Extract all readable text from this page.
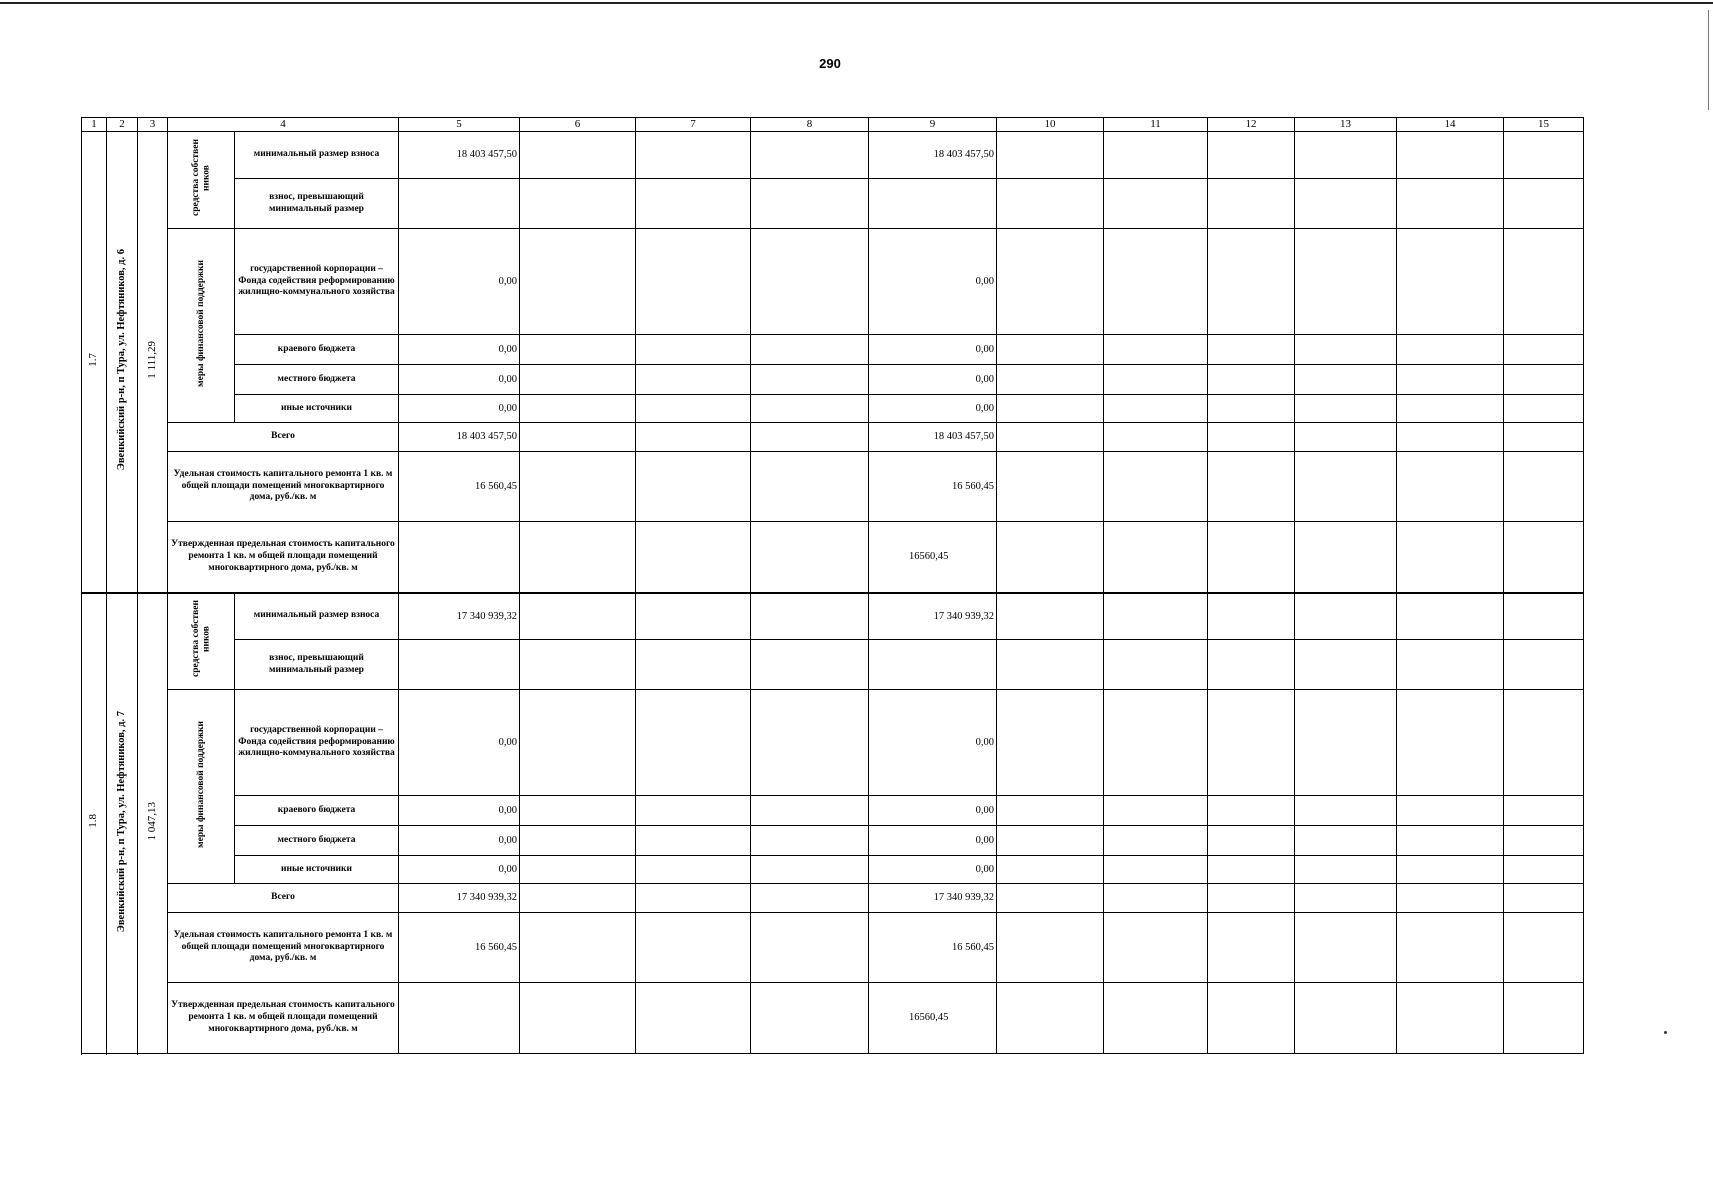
290
1	2	3	4		5	6	7	8	9	10	11	12	13	14	15
1.7	Эвенкийский р-н, п Тура, ул. Нефтяников, д. 6	1 111,29	средства собствен ников	минимальный размер взноса	18 403 457,50				18 403 457,50						
				взнос, превышающий минимальный размер											
			меры финансовой поддержки	государственной корпорации – Фонда содействия реформированию жилищно-коммунального хозяйства	0,00				0,00						
				краевого бюджета	0,00				0,00						
				местного бюджета	0,00				0,00						
				иные источники	0,00				0,00						
			Всего		18 403 457,50				18 403 457,50						
			Удельная стоимость капитального ремонта 1 кв. м общей площади помещений многоквартирного дома, руб./кв. м		16 560,45				16 560,45						
			Утвержденная предельная стоимость капитального ремонта 1 кв. м общей площади помещений многоквартирного дома, руб./кв. м						16560,45						

1.8	Эвенкийский р-н, п Тура, ул. Нефтяников, д. 7	1 047,13	средства собствен ников	минимальный размер взноса	17 340 939,32				17 340 939,32						
				взнос, превышающий минимальный размер											
			меры финансовой поддержки	государственной корпорации – Фонда содействия реформированию жилищно-коммунального хозяйства	0,00				0,00						
				краевого бюджета	0,00				0,00						
				местного бюджета	0,00				0,00						
				иные источники	0,00				0,00						
			Всего		17 340 939,32				17 340 939,32						
			Удельная стоимость капитального ремонта 1 кв. м общей площади помещений многоквартирного дома, руб./кв. м		16 560,45				16 560,45						
			Утвержденная предельная стоимость капитального ремонта 1 кв. м общей площади помещений многоквартирного дома, руб./кв. м						16560,45						
